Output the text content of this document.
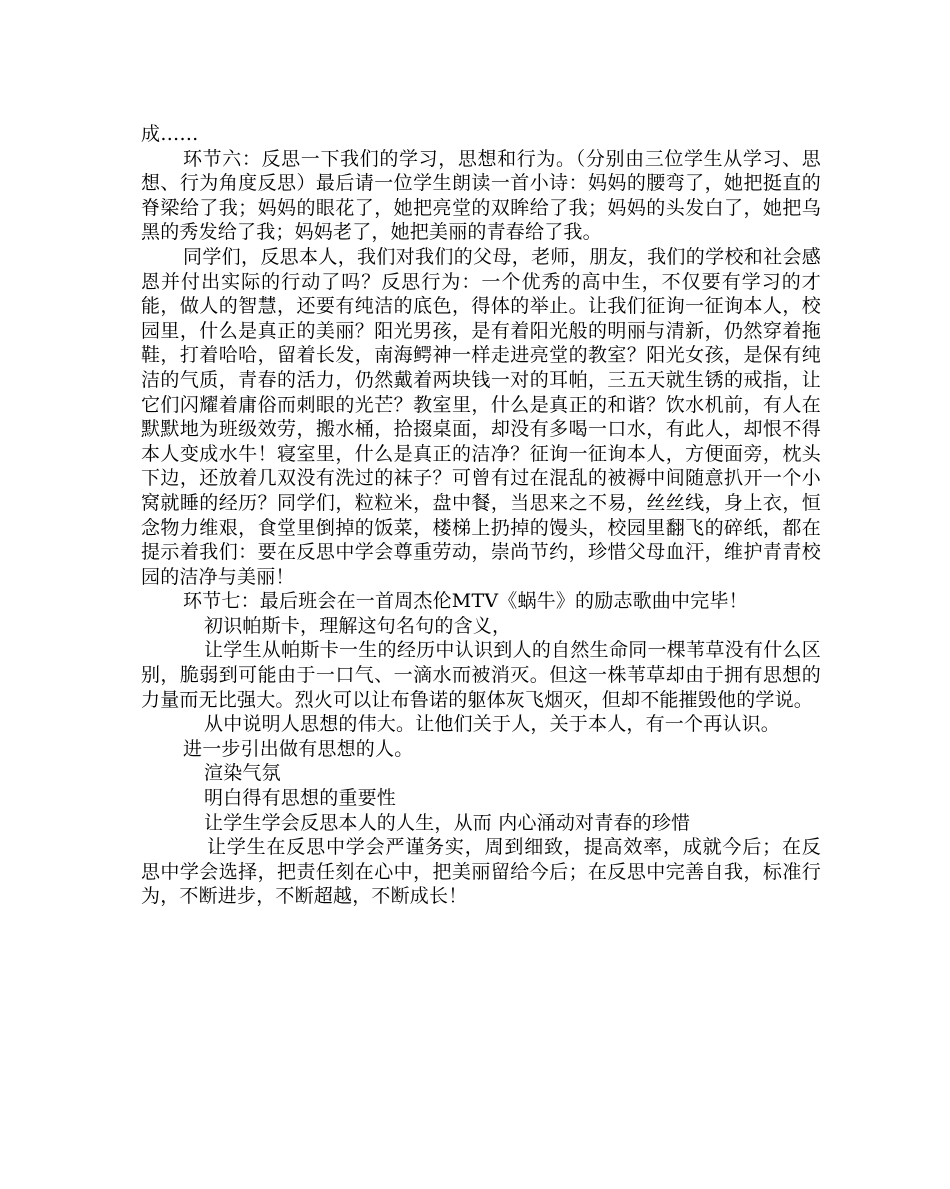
成……

环节六：反思一下我们的学习，思想和行为。（分别由三位学生从学习、思想、行为角度反思）最后请一位学生朗读一首小诗：妈妈的腰弯了，她把挺直的脊梁给了我；妈妈的眼花了，她把亮堂的双眸给了我；妈妈的头发白了，她把乌黑的秀发给了我；妈妈老了，她把美丽的青春给了我。

同学们，反思本人，我们对我们的父母，老师，朋友，我们的学校和社会感恩并付出实际的行动了吗？反思行为：一个优秀的高中生，不仅要有学习的才能，做人的智慧，还要有纯洁的底色，得体的举止。让我们征询一征询本人，校园里，什么是真正的美丽？阳光男孩，是有着阳光般的明丽与清新，仍然穿着拖鞋，打着哈哈，留着长发，南海鳄神一样走进亮堂的教室？阳光女孩，是保有纯洁的气质，青春的活力，仍然戴着两块钱一对的耳帕，三五天就生锈的戒指，让它们闪耀着庸俗而刺眼的光芒？教室里，什么是真正的和谐？饮水机前，有人在默默地为班级效劳，搬水桶，拾掇桌面，却没有多喝一口水，有此人，却恨不得本人变成水牛！寝室里，什么是真正的洁净？征询一征询本人，方便面旁，枕头下边，还放着几双没有洗过的袜子？可曾有过在混乱的被褥中间随意扒开一个小窝就睡的经历？同学们，粒粒米，盘中餐，当思来之不易，丝丝线，身上衣，恒念物力维艰，食堂里倒掉的饭菜，楼梯上扔掉的馒头，校园里翻飞的碎纸，都在提示着我们：要在反思中学会尊重劳动，崇尚节约，珍惜父母血汗，维护青青校园的洁净与美丽！

环节七：最后班会在一首周杰伦MTV《蜗牛》的励志歌曲中完毕！

初识帕斯卡，理解这句名句的含义，

让学生从帕斯卡一生的经历中认识到人的自然生命同一棵苇草没有什么区别，脆弱到可能由于一口气、一滴水而被消灭。但这一株苇草却由于拥有思想的力量而无比强大。烈火可以让布鲁诺的躯体灰飞烟灭，但却不能摧毁他的学说。

从中说明人思想的伟大。让他们关于人，关于本人，有一个再认识。

进一步引出做有思想的人。

渲染气氛

明白得有思想的重要性

让学生学会反思本人的人生，从而 内心涌动对青春的珍惜

让学生在反思中学会严谨务实，周到细致，提高效率，成就今后；在反思中学会选择，把责任刻在心中，把美丽留给今后；在反思中完善自我，标准行为，不断进步，不断超越，不断成长！
